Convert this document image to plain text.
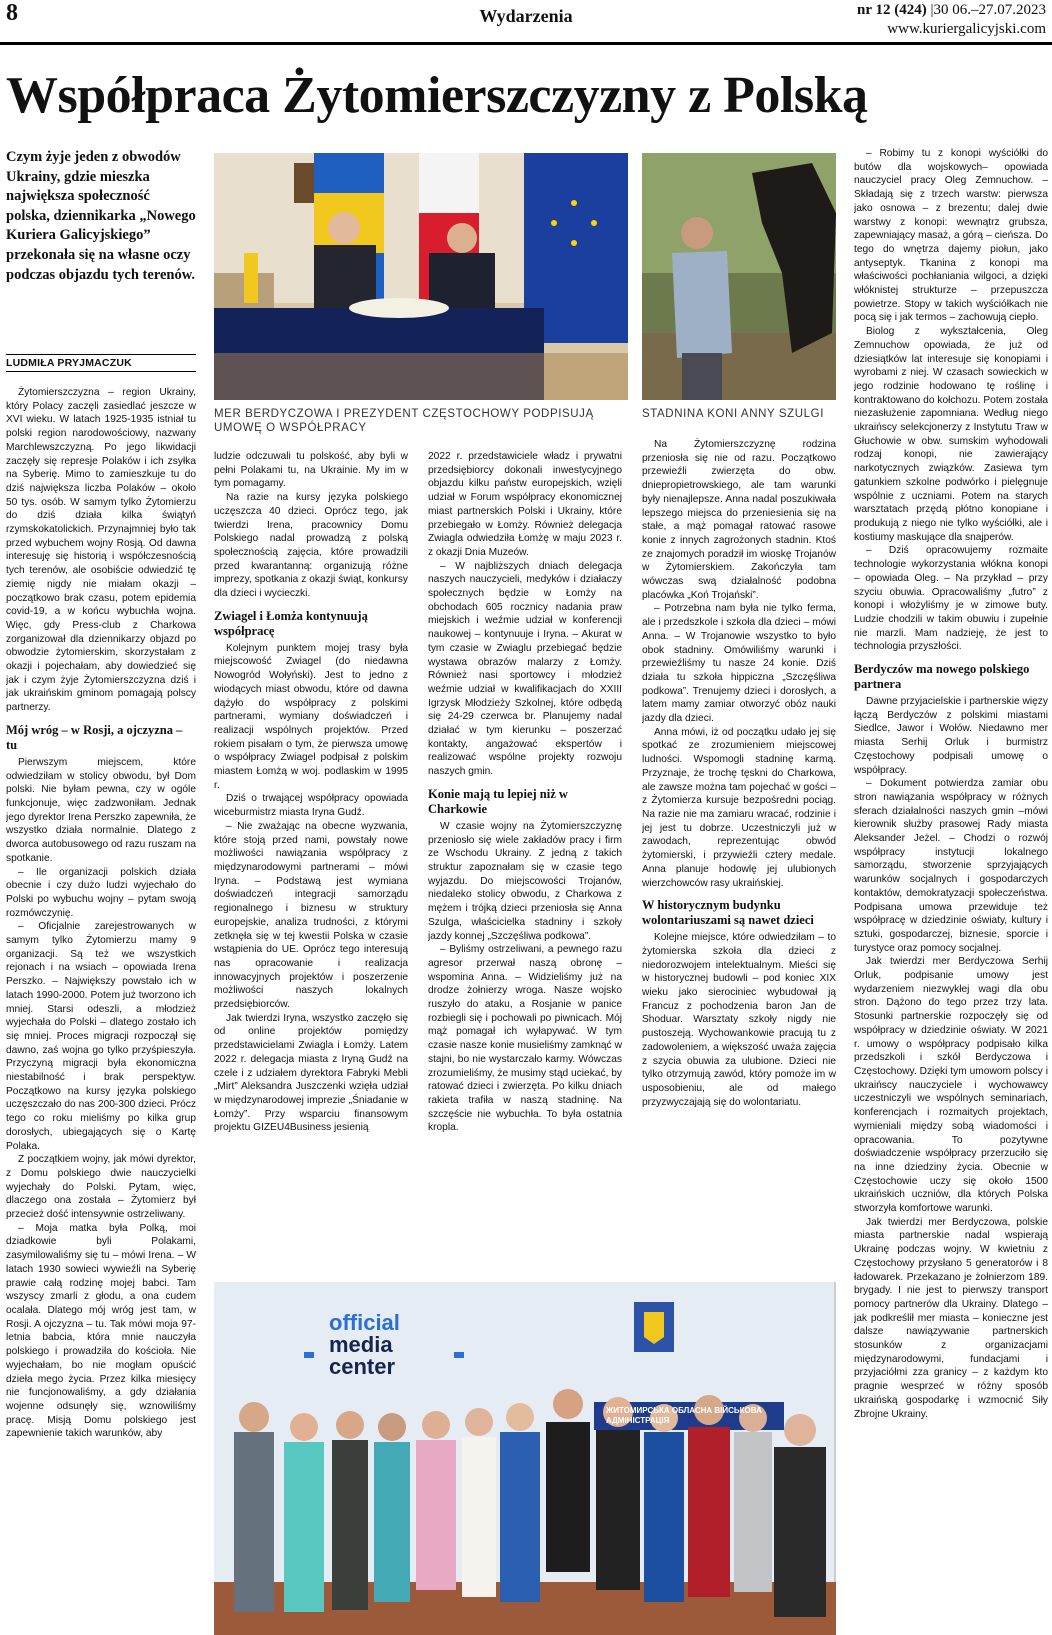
8	Wydarzenia	nr 12 (424) |30 06.–27.07.2023
www.kuriergalicyjski.com
Współpraca Żytomierszczyzny z Polską
Czym żyje jeden z obwodów Ukrainy, gdzie mieszka największa społeczność polska, dziennikarka „Nowego Kuriera Galicyjskiego” przekonała się na własne oczy podczas objazdu tych terenów.
LUDMIŁA PRYJMACZUK
MER BERDYCZOWA I PREZYDENT CZĘSTOCHOWY PODPISUJĄ UMOWĘ O WSPÓŁPRACY
STADNINA KONI ANNY SZULGI
official
media
center
ЖИТОМИРСЬКА ОБЛАСНА ВІЙСЬКОВА АДМІНІСТРАЦІЯ

Żytomierszczyzna – region Ukrainy, który Polacy zaczęli zasiedlać jeszcze w XVI wieku. W latach 1925-1935 istniał tu polski region narodowościowy, nazwany Marchlewszczyzną. Po jego likwidacji zaczęły się represje Polaków i ich zsyłka na Syberię. Mimo to zamieszkuje tu do dziś największa liczba Polaków – około 50 tys. osób. W samym tylko Żytomierzu do dziś działa kilka świątyń rzymskokatolickich. Przynajmniej było tak przed wybuchem wojny Rosją. Od dawna interesuję się historią i współczesnością tych terenów, ale osobiście odwiedzić tę ziemię nigdy nie miałam okazji – początkowo brak czasu, potem epidemia covid-19, a w końcu wybuchła wojna. Więc, gdy Press-club z Charkowa zorganizował dla dziennikarzy objazd po obwodzie żytomierskim, skorzystałam z okazji i pojechałam, aby dowiedzieć się jak i czym żyje Żytomierszczyzna dziś i jak ukraińskim gminom pomagają polscy partnerzy.

Mój wróg – w Rosji, a ojczyzna – tu

Pierwszym miejscem, które odwiedziłam w stolicy obwodu, był Dom polski. Nie byłam pewna, czy w ogóle funkcjonuje, więc zadzwoniłam. Jednak jego dyrektor Irena Perszko zapewniła, że wszystko działa normalnie. Dlatego z dworca autobusowego od razu ruszam na spotkanie.

– Ile organizacji polskich działa obecnie i czy dużo ludzi wyjechało do Polski po wybuchu wojny – pytam swoją rozmówczynię.

– Oficjalnie zarejestrowanych w samym tylko Żytomierzu mamy 9 organizacji. Są też we wszystkich rejonach i na wsiach – opowiada Irena Perszko. – Największy powstało ich w latach 1990-2000. Potem już tworzono ich mniej. Starsi odeszli, a młodzież wyjechała do Polski – dlatego zostało ich się mniej. Proces migracji rozpoczął się dawno, zaś wojna go tylko przyśpieszyła. Przyczyną migracji była ekonomiczna niestabilność i brak perspektyw. Początkowo na kursy języka polskiego uczęszczało do nas 200-300 dzieci. Prócz tego co roku mieliśmy po kilka grup dorosłych, ubiegających się o Kartę Polaka.

Z początkiem wojny, jak mówi dyrektor, z Domu polskiego dwie nauczycielki wyjechały do Polski. Pytam, więc, dlaczego ona została – Żytomierz był przecież dość intensywnie ostrzeliwany.

– Moja matka była Polką, moi dziadkowie byli Polakami, zasymilowaliśmy się tu – mówi Irena. – W latach 1930 sowieci wywieźli na Syberię prawie całą rodzinę mojej babci. Tam wszyscy zmarli z głodu, a ona cudem ocalała. Dlatego mój wróg jest tam, w Rosji. A ojczyzna – tu. Tak mówi moja 97-letnia babcia, która mnie nauczyła polskiego i prowadziła do kościoła. Nie wyjechałam, bo nie mogłam opuścić dzieła mego życia. Przez kilka miesięcy nie funcjonowaliśmy, a gdy działania wojenne odsunęły się, wznowiliśmy pracę. Misją Domu polskiego jest zapewnienie takich warunków, aby

ludzie odczuwali tu polskość, aby byli w pełni Polakami tu, na Ukrainie. My im w tym pomagamy.

Na razie na kursy języka polskiego uczęszcza 40 dzieci. Oprócz tego, jak twierdzi Irena, pracownicy Domu Polskiego nadal prowadzą z polską społecznością zajęcia, które prowadzili przed kwarantanną: organizują różne imprezy, spotkania z okazji świąt, konkursy dla dzieci i wycieczki.

Zwiagel i Łomża kontynuują współpracę

Kolejnym punktem mojej trasy była miejscowość Zwiagel (do niedawna Nowogród Wołyński). Jest to jedno z wiodących miast obwodu, które od dawna dążyło do współpracy z polskimi partnerami, wymiany doświadczeń i realizacji wspólnych projektów. Przed rokiem pisałam o tym, że pierwsza umowę o współpracy Zwiagel podpisał z polskim miastem Łomżą w woj. podlaskim w 1995 r.

Dziś o trwającej współpracy opowiada wiceburmistrz miasta Iryna Gudź.

– Nie zważając na obecne wyzwania, które stoją przed nami, powstały nowe możliwości nawiązania współpracy z międzynarodowymi partnerami – mówi Iryna. – Podstawą jest wymiana doświadczeń integracji samorządu regionalnego i biznesu w struktury europejskie, analiza trudności, z którymi zetknęła się w tej kwestii Polska w czasie wstąpienia do UE. Oprócz tego interesują nas opracowanie i realizacja innowacyjnych projektów i poszerzenie możliwości naszych lokalnych przedsiębiorców.

Jak twierdzi Iryna, wszystko zaczęło się od online projektów pomiędzy przedstawicielami Zwiagla i Łomży. Latem 2022 r. delegacja miasta z Iryną Gudź na czele i z udziałem dyrektora Fabryki Mebli „Mirt” Aleksandra Juszczenki wzięła udział w międzynarodowej imprezie „Śniadanie w Łomży”. Przy wsparciu finansowym projektu GIZEU4Business jesienią

2022 r. przedstawiciele władz i prywatni przedsiębiorcy dokonali inwestycyjnego objazdu kilku państw europejskich, wzięli udział w Forum współpracy ekonomicznej miast partnerskich Polski i Ukrainy, które przebiegało w Łomży. Również delegacja Zwiagla odwiedziła Łomżę w maju 2023 r. z okazji Dnia Muzeów.

– W najbliższych dniach delegacja naszych nauczycieli, medyków i działaczy społecznych będzie w Łomży na obchodach 605 rocznicy nadania praw miejskich i weźmie udział w konferencji naukowej – kontynuuje i Iryna. – Akurat w tym czasie w Zwiaglu przebiegać będzie wystawa obrazów malarzy z Łomży. Również nasi sportowcy i młodzież weźmie udział w kwalifikacjach do XXIII Igrzysk Młodzieży Szkolnej, które odbędą się 24-29 czerwca br. Planujemy nadal działać w tym kierunku – poszerzać kontakty, angażować ekspertów i realizować wspólne projekty rozwoju naszych gmin.

Konie mają tu lepiej niż w Charkowie

W czasie wojny na Żytomierszczyznę przeniosło się wiele zakładów pracy i firm ze Wschodu Ukrainy. Z jedną z takich struktur zapoznałam się w czasie tego wyjazdu. Do miejscowości Trojanów, niedaleko stolicy obwodu, z Charkowa z mężem i trójką dzieci przeniosła się Anna Szulga, właścicielka stadniny i szkoły jazdy konnej „Szczęśliwa podkowa”.

– Byliśmy ostrzeliwani, a pewnego razu agresor przerwał naszą obronę – wspomina Anna. – Widzieliśmy już na drodze żołnierzy wroga. Nasze wojsko ruszyło do ataku, a Rosjanie w panice rozbiegli się i pochowali po piwnicach. Mój mąż pomagał ich wyłapywać. W tym czasie nasze konie musieliśmy zamknąć w stajni, bo nie wystarczało karmy. Wówczas zrozumieliśmy, że musimy stąd uciekać, by ratować dzieci i zwierzęta. Po kilku dniach rakieta trafiła w naszą stadninę. Na szczęście nie wybuchła. To była ostatnia kropla.

Na Żytomierszczyznę rodzina przeniosła się nie od razu. Początkowo przewieźli zwierzęta do obw. dniepropietrowskiego, ale tam warunki były nienajlepsze. Anna nadal poszukiwała lepszego miejsca do przeniesienia się na stałe, a mąż pomagał ratować rasowe konie z innych zagrożonych stadnin. Ktoś ze znajomych poradził im wioskę Trojanów w Żytomierskiem. Zakończyła tam wówczas swą działalność podobna placówka „Koń Trojański”.

– Potrzebna nam była nie tylko ferma, ale i przedszkole i szkoła dla dzieci – mówi Anna. – W Trojanowie wszystko to było obok stadniny. Omówiliśmy warunki i przewieźliśmy tu nasze 24 konie. Dziś działa tu szkoła hippiczna „Szczęśliwa podkowa”. Trenujemy dzieci i dorosłych, a latem mamy zamiar otworzyć obóz nauki jazdy dla dzieci.

Anna mówi, iż od początku udało jej się spotkać ze zrozumieniem miejscowej ludności. Wspomogli stadninę karmą. Przyznaje, że trochę tęskni do Charkowa, ale zawsze można tam pojechać w gości – z Żytomierza kursuje bezpośredni pociąg. Na razie nie ma zamiaru wracać, rodzinie i jej jest tu dobrze. Uczestniczyli już w zawodach, reprezentując obwód żytomierski, i przywieźli cztery medale. Anna planuje hodowlę jej ulubionych wierzchowców rasy ukraińskiej.

W historycznym budynku wolontariuszami są nawet dzieci

Kolejne miejsce, które odwiedziłam – to żytomierska szkoła dla dzieci z niedorozwojem intelektualnym. Mieści się w historycznej budowli – pod koniec XIX wieku jako sierociniec wybudował ją Francuz z pochodzenia baron Jan de Shoduar. Warsztaty szkoły nigdy nie pustoszeją. Wychowankowie pracują tu z zadowoleniem, a większość uważa zajęcia z szycia obuwia za ulubione. Dzieci nie tylko otrzymują zawód, który pomoże im w usposobieniu, ale od małego przyzwyczajają się do wolontariatu.

– Robimy tu z konopi wyściółki do butów dla wojskowych– opowiada nauczyciel pracy Oleg Zemnuchow. – Składają się z trzech warstw: pierwsza jako osnowa – z brezentu; dalej dwie warstwy z konopi: wewnątrz grubsza, zapewniający masaż, a górą – cieńsza. Do tego do wnętrza dajemy piołun, jako antyseptyk. Tkanina z konopi ma właściwości pochłaniania wilgoci, a dzięki włóknistej strukturze – przepuszcza powietrze. Stopy w takich wyściółkach nie pocą się i jak termos – zachowują ciepło.

Biolog z wykształcenia, Oleg Zemnuchow opowiada, że już od dziesiątków lat interesuje się konopiami i wyrobami z niej. W czasach sowieckich w jego rodzinie hodowano tę roślinę i kontraktowano do kołchozu. Potem została niezasłużenie zapomniana. Według niego ukraińscy selekcjonerzy z Instytutu Traw w Głuchowie w obw. sumskim wyhodowali rodzaj konopi, nie zawierający narkotycznych związków. Zasiewa tym gatunkiem szkolne podwórko i pielęgnuje wspólnie z uczniami. Potem na starych warsztatach przędą płótno konopiane i produkują z niego nie tylko wyściółki, ale i kostiumy maskujące dla snajperów.

– Dziś opracowujemy rozmaite technologie wykorzystania włókna konopi – opowiada Oleg. – Na przykład – przy szyciu obuwia. Opracowaliśmy „futro” z konopi i włożyliśmy je w zimowe buty. Ludzie chodzili w takim obuwiu i zupełnie nie marzli. Mam nadzieję, że jest to technologia przyszłości.

Berdyczów ma nowego polskiego partnera

Dawne przyjacielskie i partnerskie więzy łączą Berdyczów z polskimi miastami Siedlce, Jawor i Wołów. Niedawno mer miasta Serhij Orluk i burmistrz Częstochowy podpisali umowę o współpracy.

– Dokument potwierdza zamiar obu stron nawiązania współpracy w różnych sferach działalności naszych gmin –mówi kierownik służby prasowej Rady miasta Aleksander Jeżel. – Chodzi o rozwój współpracy instytucji lokalnego samorządu, stworzenie sprzyjających warunków socjalnych i gospodarczych kontaktów, demokratyzacji społeczeństwa. Podpisana umowa przewiduje też współpracę w dziedzinie oświaty, kultury i sztuki, gospodarczej, biznesie, sporcie i turystyce oraz pomocy socjalnej.

Jak twierdzi mer Berdyczowa Serhij Orluk, podpisanie umowy jest wydarzeniem niezwykłej wagi dla obu stron. Dążono do tego przez trzy lata. Stosunki partnerskie rozpoczęły się od współpracy w dziedzinie oświaty. W 2021 r. umowy o współpracy podpisało kilka przedszkoli i szkół Berdyczowa i Częstochowy. Dzięki tym umowom polscy i ukraińscy nauczyciele i wychowawcy uczestniczyli we wspólnych seminariach, konferencjach i rozmaitych projektach, wymieniali między sobą wiadomości i opracowania. To pozytywne doświadczenie współpracy przerzuciło się na inne dziedziny życia. Obecnie w Częstochowie uczy się około 1500 ukraińskich uczniów, dla których Polska stworzyła komfortowe warunki.

Jak twierdzi mer Berdyczowa, polskie miasta partnerskie nadal wspierają Ukrainę podczas wojny. W kwietniu z Częstochowy przysłano 5 generatorów i 8 ładowarek. Przekazano je żołnierzom 189. brygady. I nie jest to pierwszy transport pomocy partnerów dla Ukrainy. Dlatego – jak podkreślił mer miasta – konieczne jest dalsze nawiązywanie partnerskich stosunków z organizacjami międzynarodowymi, fundacjami i przyjaciółmi zza granicy – z każdym kto pragnie wesprzeć w różny sposób ukraińską gospodarkę i wzmocnić Siły Zbrojne Ukrainy.
